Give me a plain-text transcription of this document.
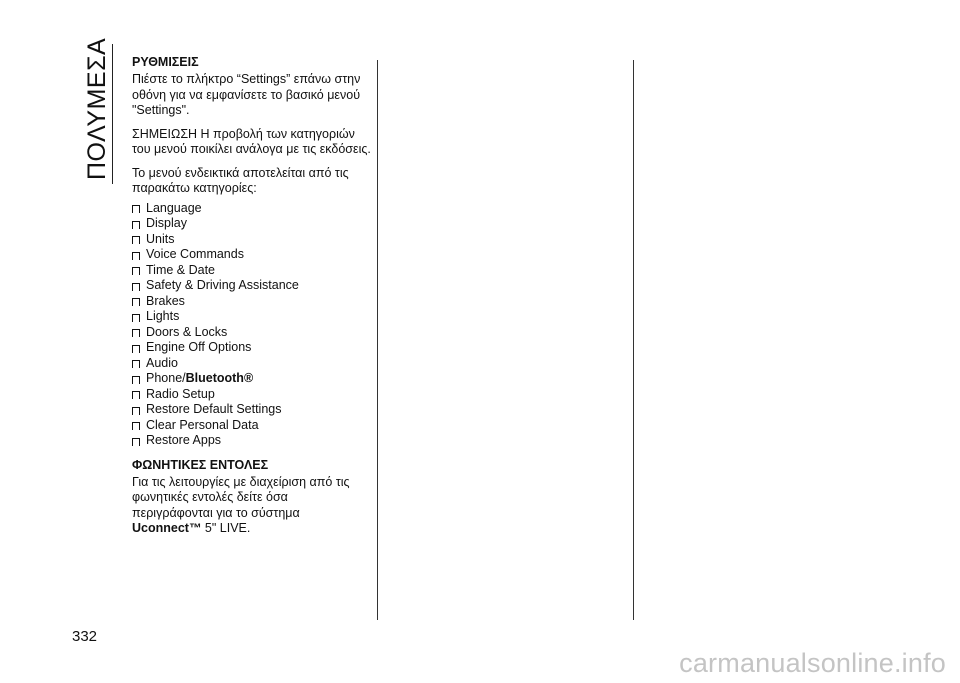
ΠΟΛΥΜΕΣΑ ΡΥΘΜΙΣΕΙΣ

Πιέστε το πλήκτρο “Settings” επάνω στην οθόνη για να εμφανίσετε το βασικό μενού "Settings".

ΣΗΜΕΙΩΣΗ Η προβολή των κατηγοριών του μενού ποικίλει ανάλογα με τις εκδόσεις.

Το μενού ενδεικτικά αποτελείται από τις παρακάτω κατηγορίες:

Language
Display
Units
Voice Commands
Time & Date
Safety & Driving Assistance
Brakes
Lights
Doors & Locks
Engine Off Options
Audio
Phone/ Bluetooth®
Radio Setup
Restore Default Settings
Clear Personal Data
Restore Apps
ΦΩΝΗΤΙΚΕΣ ΕΝΤΟΛΕΣ

Για τις λειτουργίες με διαχείριση από τις φωνητικές εντολές δείτε όσα περιγράφονται για το σύστημα Uconnect™ 5" LIVE.

332
carmanualsonline.info
